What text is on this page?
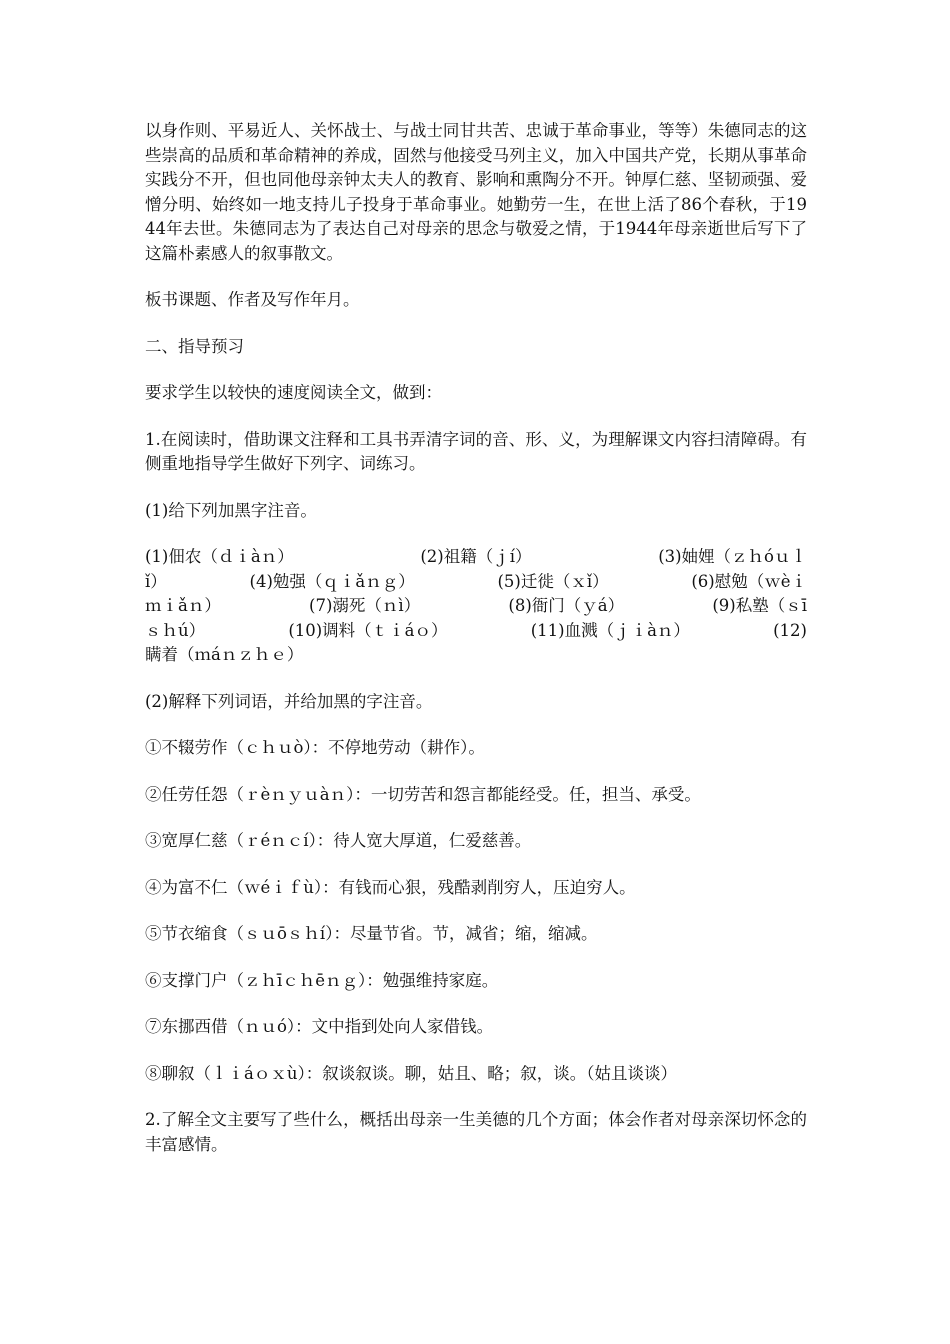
以身作则、平易近人、关怀战士、与战士同甘共苦、忠诚于革命事业，等等）朱德同志的这些崇高的品质和革命精神的养成，固然与他接受马列主义，加入中国共产党，长期从事革命实践分不开，但也同他母亲钟太夫人的教育、影响和熏陶分不开。钟厚仁慈、坚韧顽强、爱憎分明、始终如一地支持儿子投身于革命事业。她勤劳一生，在世上活了86个春秋，于1944年去世。朱德同志为了表达自己对母亲的思念与敬爱之情，于1944年母亲逝世后写下了这篇朴素感人的叙事散文。

板书课题、作者及写作年月。

二、指导预习

要求学生以较快的速度阅读全文，做到：

1.在阅读时，借助课文注释和工具书弄清字词的音、形、义，为理解课文内容扫清障碍。有侧重地指导学生做好下列字、词练习。

(1)给下列加黑字注音。

(1)佃农（ｄｉàｎ）	(2)祖籍（ｊí）	(3)妯娌（ｚｈóｕｌ
ǐ）	(4)勉强（ｑｉǎｎｇ）	(5)迁徙（ｘǐ）	(6)慰勉（ｗèｉ
ｍｉǎｎ）	(7)溺死（ｎì）	(8)衙门（ｙá）	(9)私塾（ｓī
ｓｈú）	(10)调料（ｔｉáｏ）	(11)血溅（ｊｉàｎ）	(12)
瞒着（ｍáｎｚｈｅ）

(2)解释下列词语，并给加黑的字注音。

①不辍劳作（ｃｈｕò）：不停地劳动（耕作）。

②任劳任怨（ｒèｎｙｕàｎ）：一切劳苦和怨言都能经受。任，担当、承受。

③宽厚仁慈（ｒéｎｃí）：待人宽大厚道，仁爱慈善。

④为富不仁（ｗéｉｆù）：有钱而心狠，残酷剥削穷人，压迫穷人。

⑤节衣缩食（ｓｕōｓｈí）：尽量节省。节，减省；缩，缩减。

⑥支撑门户（ｚｈīｃｈēｎｇ）：勉强维持家庭。

⑦东挪西借（ｎｕó）：文中指到处向人家借钱。

⑧聊叙（ｌｉáｏｘù）：叙谈叙谈。聊，姑且、略；叙，谈。（姑且谈谈）

2.了解全文主要写了些什么，概括出母亲一生美德的几个方面；体会作者对母亲深切怀念的丰富感情。
